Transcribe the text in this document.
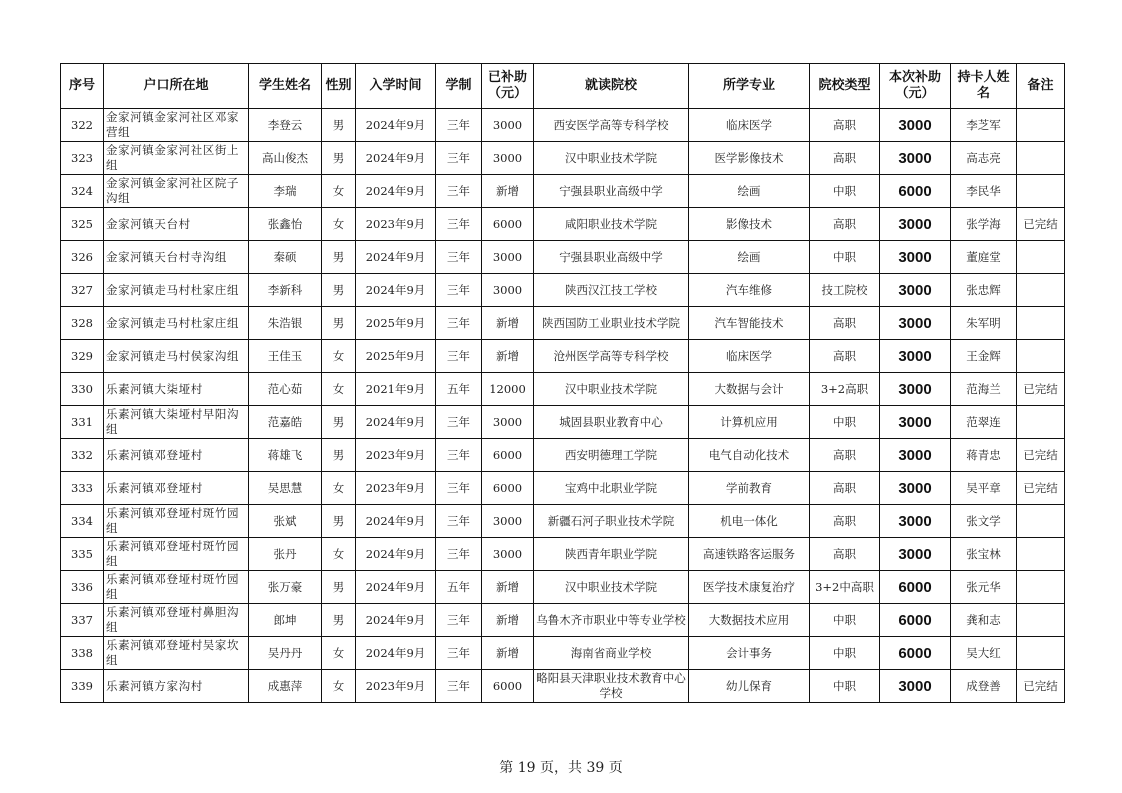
序号	户口所在地	学生姓名	性别	入学时间	学制	已补助（元）	就读院校	所学专业	院校类型	本次补助（元）	持卡人姓名	备注
322	金家河镇金家河社区邓家营组	李登云	男	2024年9月	三年	3000	西安医学高等专科学校	临床医学	高职	3000	李芝军	
323	金家河镇金家河社区街上组	高山俊杰	男	2024年9月	三年	3000	汉中职业技术学院	医学影像技术	高职	3000	高志亮	
324	金家河镇金家河社区院子沟组	李瑞	女	2024年9月	三年	新增	宁强县职业高级中学	绘画	中职	6000	李民华	
325	金家河镇天台村	张鑫怡	女	2023年9月	三年	6000	咸阳职业技术学院	影像技术	高职	3000	张学海	已完结
326	金家河镇天台村寺沟组	秦硕	男	2024年9月	三年	3000	宁强县职业高级中学	绘画	中职	3000	董庭堂	
327	金家河镇走马村杜家庄组	李新科	男	2024年9月	三年	3000	陕西汉江技工学校	汽车维修	技工院校	3000	张忠辉	
328	金家河镇走马村杜家庄组	朱浩银	男	2025年9月	三年	新增	陕西国防工业职业技术学院	汽车智能技术	高职	3000	朱军明	
329	金家河镇走马村侯家沟组	王佳玉	女	2025年9月	三年	新增	沧州医学高等专科学校	临床医学	高职	3000	王金辉	
330	乐素河镇大柒垭村	范心茹	女	2021年9月	五年	12000	汉中职业技术学院	大数据与会计	3+2高职	3000	范海兰	已完结
331	乐素河镇大柒垭村早阳沟组	范嘉皓	男	2024年9月	三年	3000	城固县职业教育中心	计算机应用	中职	3000	范翠连	
332	乐素河镇邓登垭村	蒋雄飞	男	2023年9月	三年	6000	西安明德理工学院	电气自动化技术	高职	3000	蒋青忠	已完结
333	乐素河镇邓登垭村	吴思慧	女	2023年9月	三年	6000	宝鸡中北职业学院	学前教育	高职	3000	吴平章	已完结
334	乐素河镇邓登垭村斑竹园组	张斌	男	2024年9月	三年	3000	新疆石河子职业技术学院	机电一体化	高职	3000	张文学	
335	乐素河镇邓登垭村斑竹园组	张丹	女	2024年9月	三年	3000	陕西青年职业学院	高速铁路客运服务	高职	3000	张宝林	
336	乐素河镇邓登垭村斑竹园组	张万豪	男	2024年9月	五年	新增	汉中职业技术学院	医学技术康复治疗	3+2中高职	6000	张元华	
337	乐素河镇邓登垭村鼻胆沟组	郎坤	男	2024年9月	三年	新增	乌鲁木齐市职业中等专业学校	大数据技术应用	中职	6000	龚和志	
338	乐素河镇邓登垭村吴家坎组	吴丹丹	女	2024年9月	三年	新增	海南省商业学校	会计事务	中职	6000	吴大红	
339	乐素河镇方家沟村	成惠萍	女	2023年9月	三年	6000	略阳县天津职业技术教育中心学校	幼儿保育	中职	3000	成登善	已完结
第 19 页，共 39 页
